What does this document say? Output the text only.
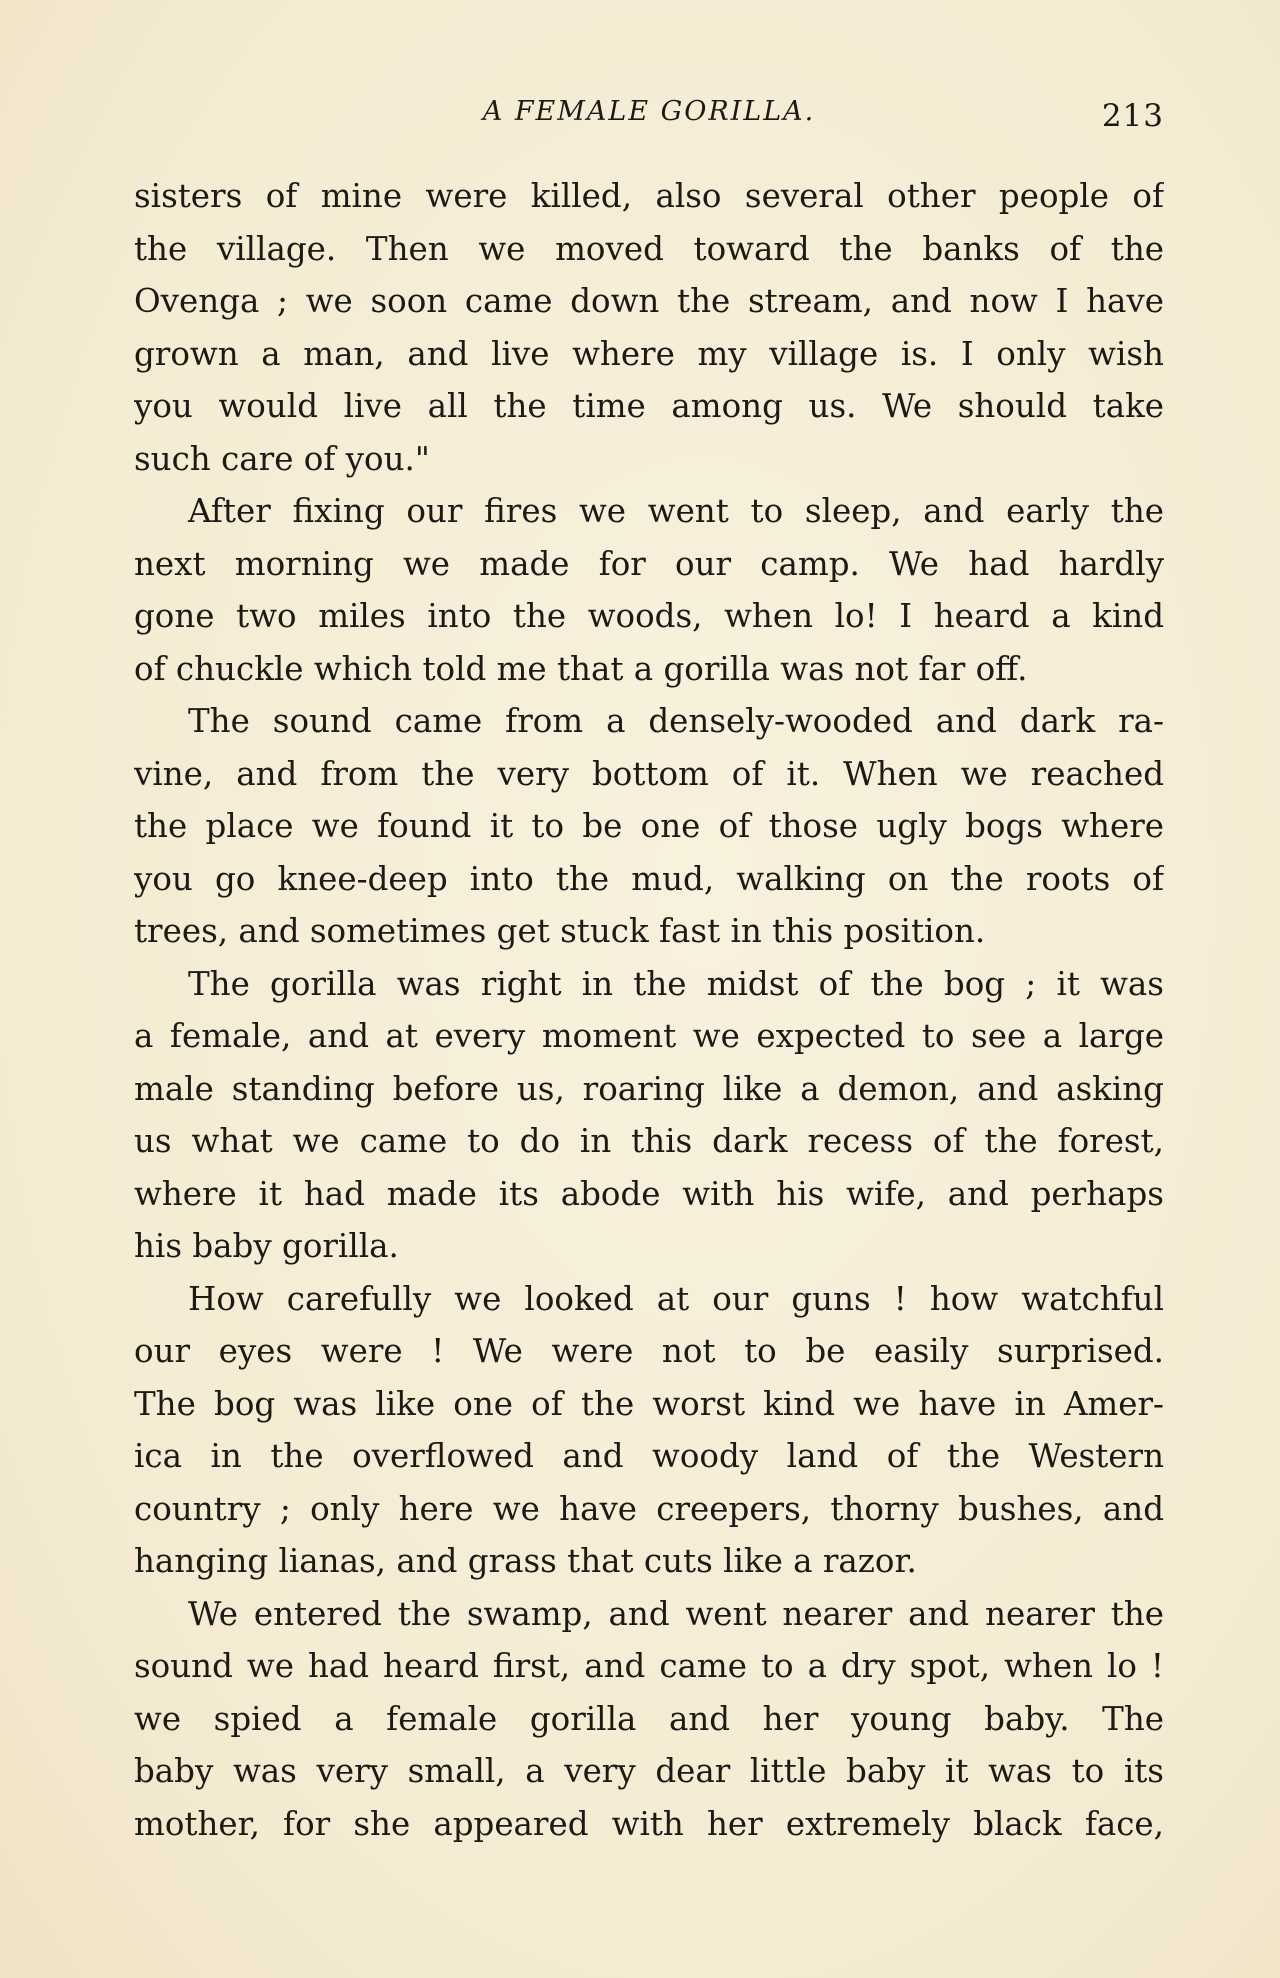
A FEMALE GORILLA.	213
sisters of mine were killed, also several other people of
the village. Then we moved toward the banks of the
Ovenga ; we soon came down the stream, and now I have
grown a man, and live where my village is. I only wish
you would live all the time among us. We should take
such care of you."
After fixing our fires we went to sleep, and early the
next morning we made for our camp. We had hardly
gone two miles into the woods, when lo! I heard a kind
of chuckle which told me that a gorilla was not far off.
The sound came from a densely-wooded and dark ra-
vine, and from the very bottom of it. When we reached
the place we found it to be one of those ugly bogs where
you go knee-deep into the mud, walking on the roots of
trees, and sometimes get stuck fast in this position.
The gorilla was right in the midst of the bog ; it was
a female, and at every moment we expected to see a large
male standing before us, roaring like a demon, and asking
us what we came to do in this dark recess of the forest,
where it had made its abode with his wife, and perhaps
his baby gorilla.
How carefully we looked at our guns ! how watchful
our eyes were ! We were not to be easily surprised.
The bog was like one of the worst kind we have in Amer-
ica in the overflowed and woody land of the Western
country ; only here we have creepers, thorny bushes, and
hanging lianas, and grass that cuts like a razor.
We entered the swamp, and went nearer and nearer the
sound we had heard first, and came to a dry spot, when lo !
we spied a female gorilla and her young baby. The
baby was very small, a very dear little baby it was to its
mother, for she appeared with her extremely black face,
